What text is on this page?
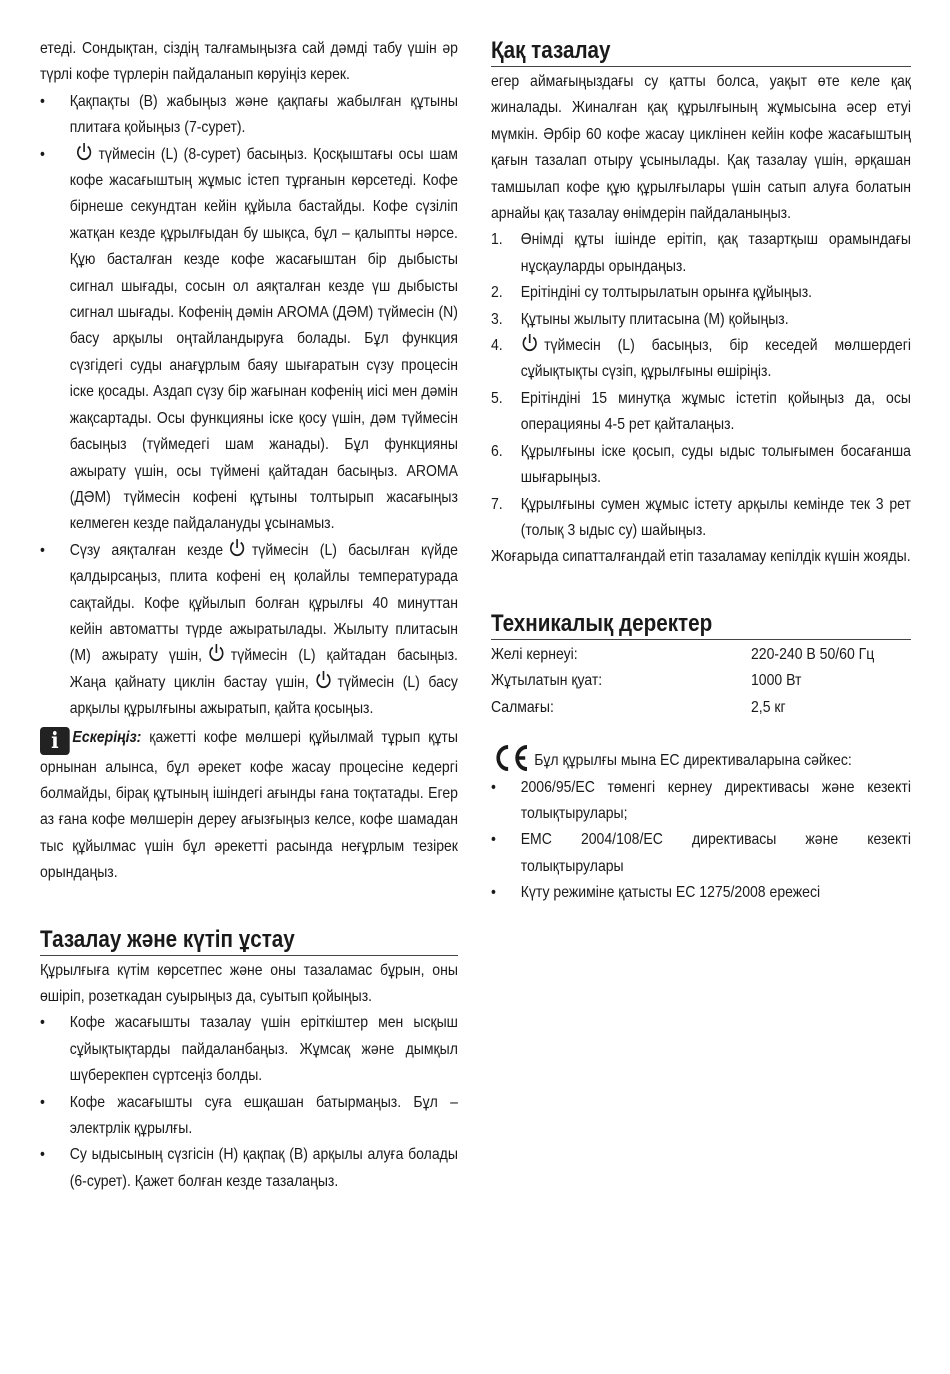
етеді. Сондықтан, сіздің талғамыңызға сай дәмді табу үшін әр түрлі кофе түрлерін пайдаланып көруіңіз керек.

• Қақпақты (B) жабыңыз және қақпағы жабылған құтыны плитаға қойыңыз (7-сурет).
•	түймесін (L) (8-сурет) басыңыз. Қосқыштағы осы шам кофе жасағыштың жұмыс істеп тұрғанын көрсетеді. Кофе бірнеше секундтан кейін құйыла бастайды. Кофе сүзіліп жатқан кезде құрылғыдан бу шықса, бұл – қалыпты нәрсе. Құю басталған кезде кофе жасағыштан бір дыбысты сигнал шығады, сосын ол аяқталған кезде үш дыбысты сигнал шығады. Кофенің дәмін AROMA (ДӘМ) түймесін (N) басу арқылы оңтайландыруға болады. Бұл функция сүзгідегі суды анағұрлым баяу шығаратын сүзу процесін іске қосады. Аздап сүзу бір жағынан кофенің иісі мен дәмін жақсартады. Осы функцияны іске қосу үшін, дәм түймесін басыңыз (түймедегі шам жанады). Бұл функцияны ажырату үшін, осы түймені қайтадан басыңыз. AROMA (ДӘМ) түймесін кофені құтыны толтырып жасағыңыз келмеген кезде пайдалануды ұсынамыз.
• Сүзу аяқталған кезде түймесін (L) басылған күйде қалдырсаңыз, плита кофені ең қолайлы температурада сақтайды. Кофе құйылып болған құрылғы 40 минуттан кейін автоматты түрде ажыратылады. Жылыту плитасын (M) ажырату үшін, түймесін (L) қайтадан басыңыз. Жаңа қайнату циклін бастау үшін, түймесін (L) басу арқылы құрылғыны ажыратып, қайта қосыңыз.

i Ескеріңіз: қажетті кофе мөлшері құйылмай тұрып құты орнынан алынса, бұл әрекет кофе жасау процесіне кедергі болмайды, бірақ құтының ішіндегі ағынды ғана тоқтатады. Егер аз ғана кофе мөлшерін дереу ағызғыңыз келсе, кофе шамадан тыс құйылмас үшін бұл әрекетті расында неғұрлым тезірек орындаңыз.

Тазалау және күтіп ұстау

Құрылғыға күтім көрсетпес және оны тазаламас бұрын, оны өшіріп, розеткадан суырыңыз да, суытып қойыңыз.

• Кофе жасағышты тазалау үшін еріткіштер мен ысқыш сұйықтықтарды пайдаланбаңыз. Жұмсақ және дымқыл шүберекпен сүртсеңіз болды.
• Кофе жасағышты суға ешқашан батырмаңыз. Бұл – электрлік құрылғы.
• Су ыдысының сүзгісін (H) қақпақ (B) арқылы алуға болады (6-сурет). Қажет болған кезде тазалаңыз.
Қақ тазалау

егер аймағыңыздағы су қатты болса, уақыт өте келе қақ жиналады. Жиналған қақ құрылғының жұмысына әсер етуі мүмкін. Әрбір 60 кофе жасау циклінен кейін кофе жасағыштың қағын тазалап отыру ұсынылады. Қақ тазалау үшін, әрқашан тамшылап кофе құю құрылғылары үшін сатып алуға болатын арнайы қақ тазалау өнімдерін пайдаланыңыз.

1. Өнімді құты ішінде ерітіп, қақ тазартқыш орамындағы нұсқауларды орындаңыз.
2. Ерітіндіні су толтырылатын орынға құйыңыз.
3. Құтыны жылыту плитасына (M) қойыңыз.
4.	түймесін (L) басыңыз, бір кеседей мөлшердегі сұйықтықты сүзіп, құрылғыны өшіріңіз.
5. Ерітіндіні 15 минутқа жұмыс істетіп қойыңыз да, осы операцияны 4-5 рет қайталаңыз.
6. Құрылғыны іске қосып, суды ыдыс толығымен босағанша шығарыңыз.
7. Құрылғыны сумен жұмыс істету арқылы кемінде тек 3 рет (толық 3 ыдыс су) шайыңыз.

Жоғарыда сипатталғандай етіп тазаламау кепілдік күшін жояды.

Техникалық деректер
Желі кернеуі:	220-240 В 50/60 Гц
Жұтылатын қуат:	1000 Вт
Салмағы:	2,5 кг

Бұл құрылғы мына ЕС директиваларына сәйкес:

• 2006/95/ЕС төменгі кернеу директивасы және кезекті толықтырулары;
• EMC 2004/108/ЕС директивасы және кезекті толықтырулары
• Күту режиміне қатысты ЕС 1275/2008 ережесі
